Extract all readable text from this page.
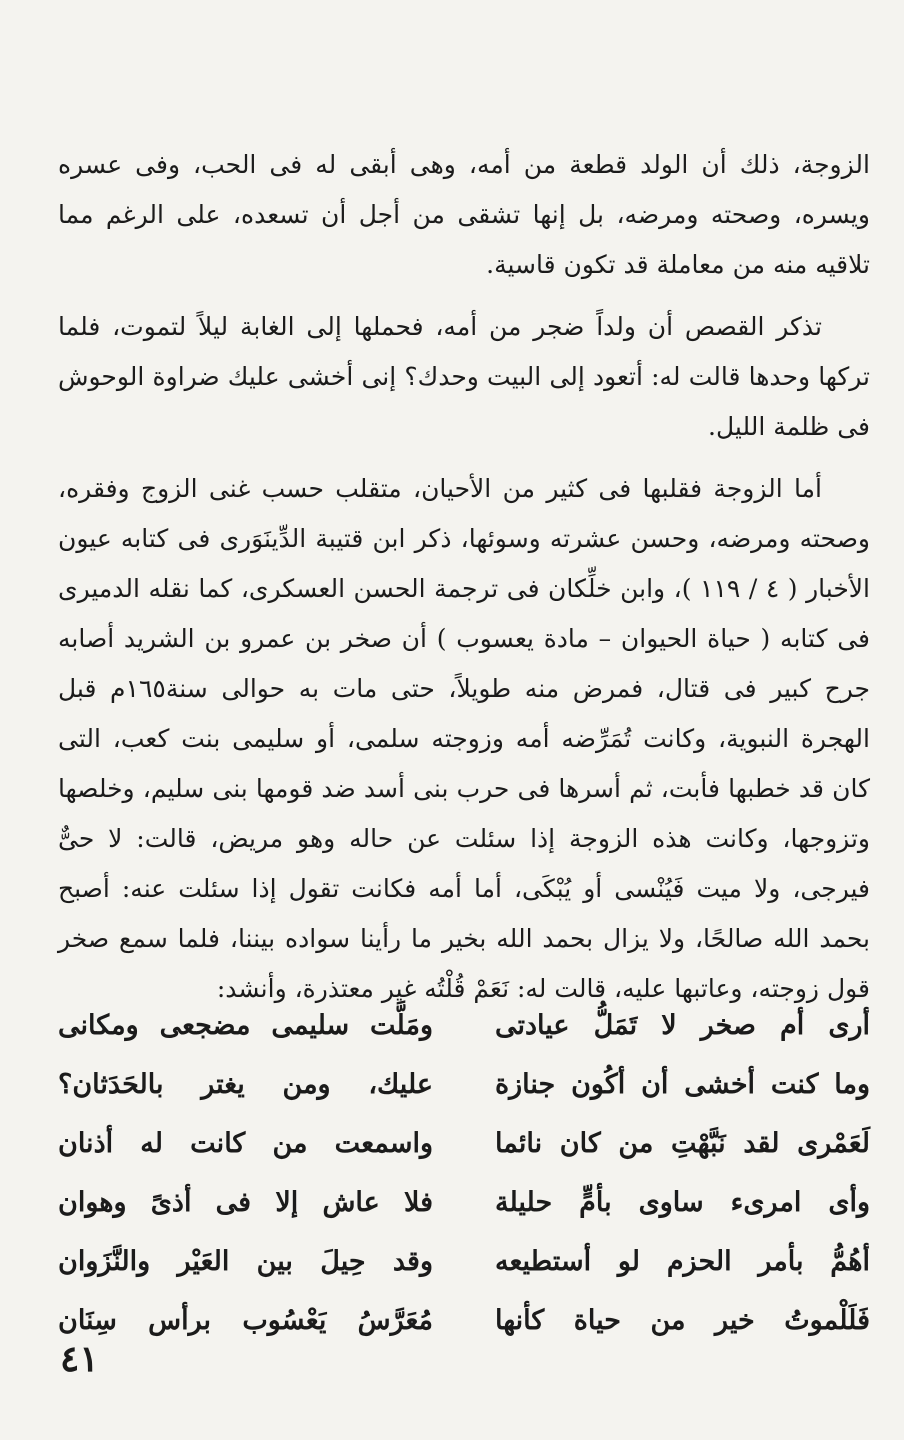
الزوجة، ذلك أن الولد قطعة من أمه، وهى أبقى له فى الحب، وفى عسره ويسره، وصحته ومرضه، بل إنها تشقى من أجل أن تسعده، على الرغم مما تلاقيه منه من معاملة قد تكون قاسية.

تذكر القصص أن ولداً ضجر من أمه، فحملها إلى الغابة ليلاً لتموت، فلما تركها وحدها قالت له: أتعود إلى البيت وحدك؟ إنى أخشى عليك ضراوة الوحوش فى ظلمة الليل.

أما الزوجة فقلبها فى كثير من الأحيان، متقلب حسب غنى الزوج وفقره، وصحته ومرضه، وحسن عشرته وسوئها، ذكر ابن قتيبة الدِّينَوَرى فى كتابه عيون الأخبار ( ٤ / ١١٩ )، وابن خلِّكان فى ترجمة الحسن العسكرى، كما نقله الدميرى فى كتابه ( حياة الحيوان – مادة يعسوب ) أن صخر بن عمرو بن الشريد أصابه جرح كبير فى قتال، فمرض منه طويلاً، حتى مات به حوالى سنة١٦٥م قبل الهجرة النبوية، وكانت تُمَرِّضه أمه وزوجته سلمى، أو سليمى بنت كعب، التى كان قد خطبها فأبت، ثم أسرها فى حرب بنى أسد ضد قومها بنى سليم، وخلصها وتزوجها، وكانت هذه الزوجة إذا سئلت عن حاله وهو مريض، قالت: لا حىٌّ فيرجى، ولا ميت فَيُنْسى أو يُبْكَى، أما أمه فكانت تقول إذا سئلت عنه: أصبح بحمد الله صالحًا، ولا يزال بحمد الله بخير ما رأينا سواده بيننا، فلما سمع صخر قول زوجته، وعاتبها عليه، قالت له: نَعَمْ قُلْتُه غير معتذرة، وأنشد:

أرى أم صخر لا تَمَلُّ عيادتى
ومَلَّت سليمى مضجعى ومكانى
وما كنت أخشى أن أكُون جنازة
عليك، ومن يغتر بالحَدَثان؟
لَعَمْرى لقد نَبَّهْتِ من كان نائما
واسمعت من كانت له أذنان
وأى امرىء ساوى بأمٍّ حليلة
فلا عاش إلا فى أذىً وهوان
أهُمُّ بأمر الحزم لو أستطيعه
وقد حِيلَ بين العَيْر والنَّزَوان
فَلَلْموتُ خير من حياة كأنها
مُعَرَّسُ يَعْسُوب برأس سِنَان
٤١
